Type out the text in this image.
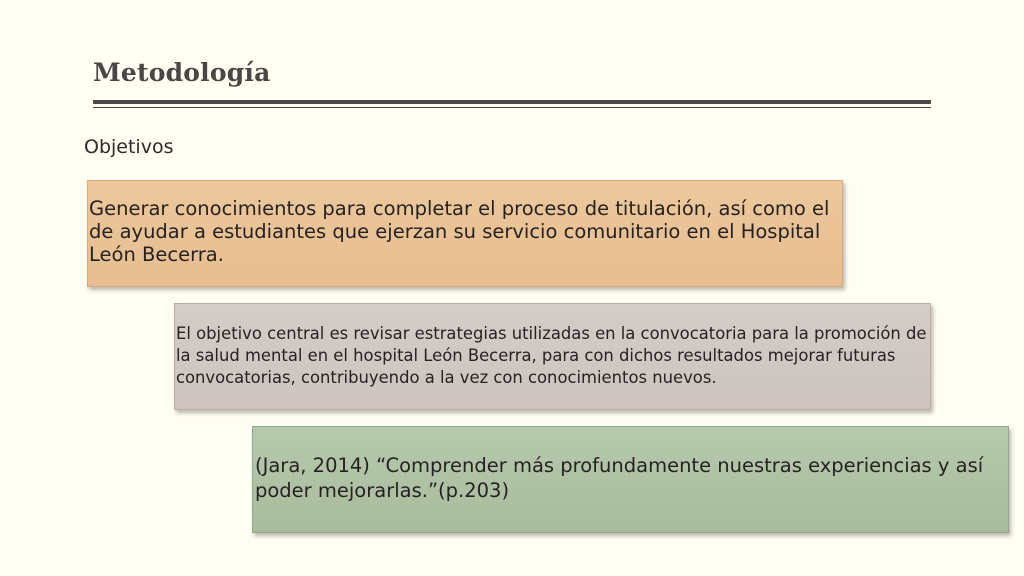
Metodología
Objetivos
Generar conocimientos para completar el proceso de titulación, así como el de ayudar a estudiantes que ejerzan su servicio comunitario en el Hospital León Becerra.
El objetivo central es revisar estrategias utilizadas en la convocatoria para la promoción de la salud mental en el hospital León Becerra, para con dichos resultados mejorar futuras convocatorias, contribuyendo a la vez con conocimientos nuevos.
(Jara, 2014) “Comprender más profundamente nuestras experiencias y así poder mejorarlas.”(p.203)
